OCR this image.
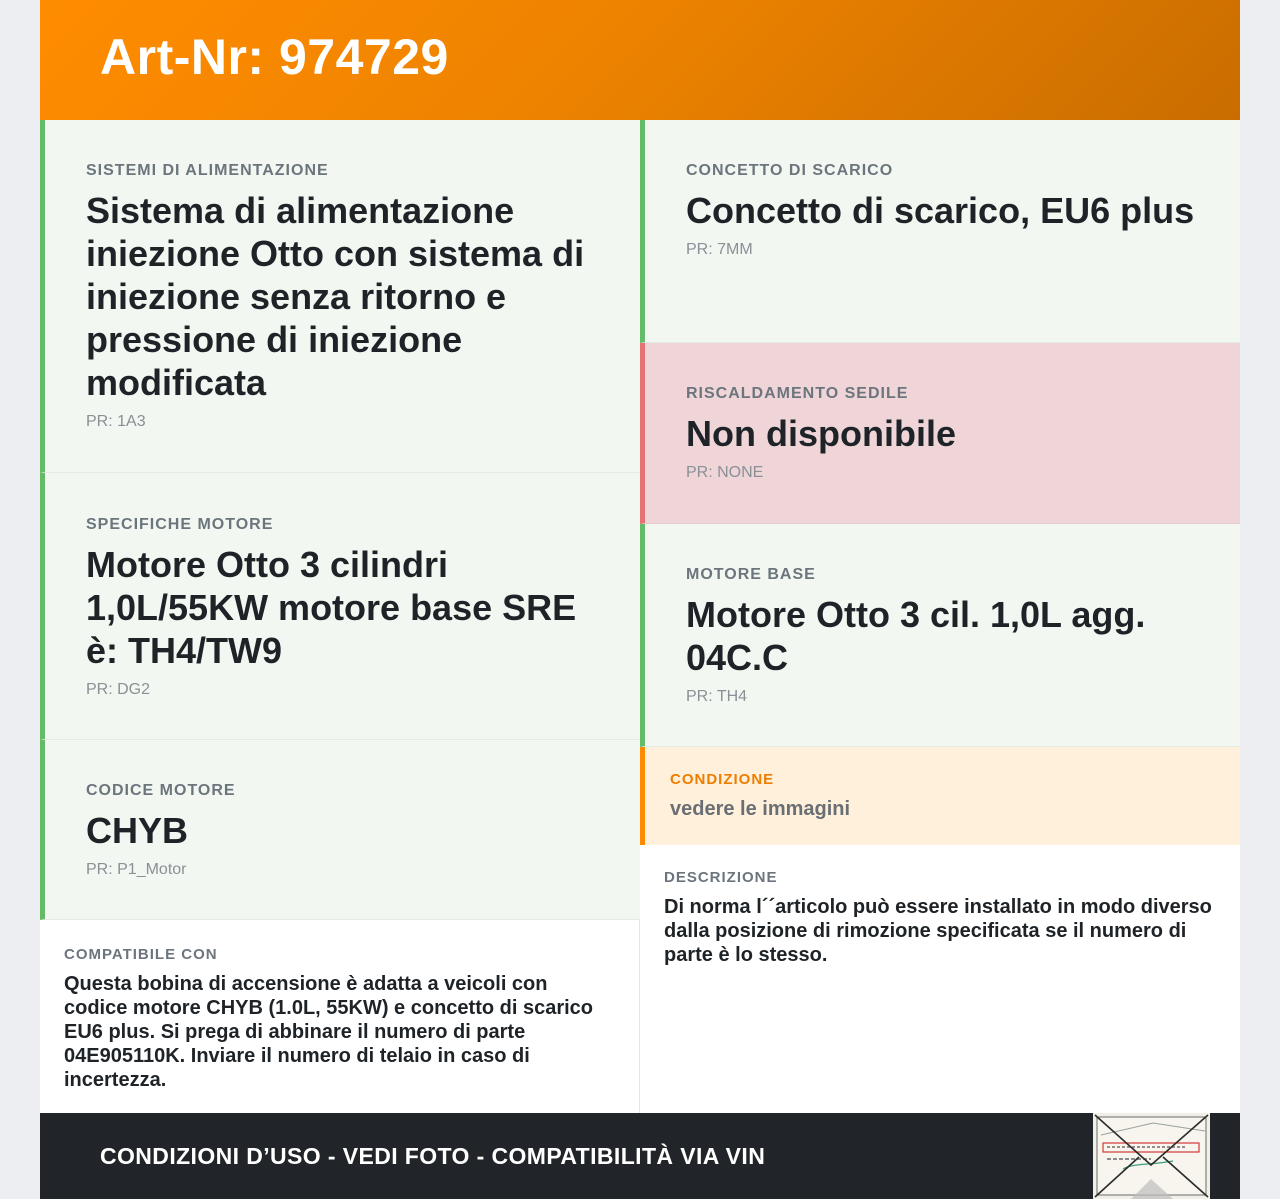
Art-Nr: 974729
SISTEMI DI ALIMENTAZIONE
Sistema di alimentazione iniezione Otto con sistema di iniezione senza ritorno e pressione di iniezione modificata
PR: 1A3
SPECIFICHE MOTORE
Motore Otto 3 cilindri 1,0L/55KW motore base SRE è: TH4/TW9
PR: DG2
CODICE MOTORE
CHYB
PR: P1_Motor
COMPATIBILE CON
Questa bobina di accensione è adatta a veicoli con codice motore CHYB (1.0L, 55KW) e concetto di scarico EU6 plus. Si prega di abbinare il numero di parte 04E905110K. Inviare il numero di telaio in caso di incertezza.
CONCETTO DI SCARICO
Concetto di scarico, EU6 plus
PR: 7MM
RISCALDAMENTO SEDILE
Non disponibile
PR: NONE
MOTORE BASE
Motore Otto 3 cil. 1,0L agg. 04C.C
PR: TH4
CONDIZIONE
vedere le immagini
DESCRIZIONE
Di norma l´´articolo può essere installato in modo diverso dalla posizione di rimozione specificata se il numero di parte è lo stesso.
CONDIZIONI D’USO - VEDI FOTO - COMPATIBILITÀ VIA VIN
